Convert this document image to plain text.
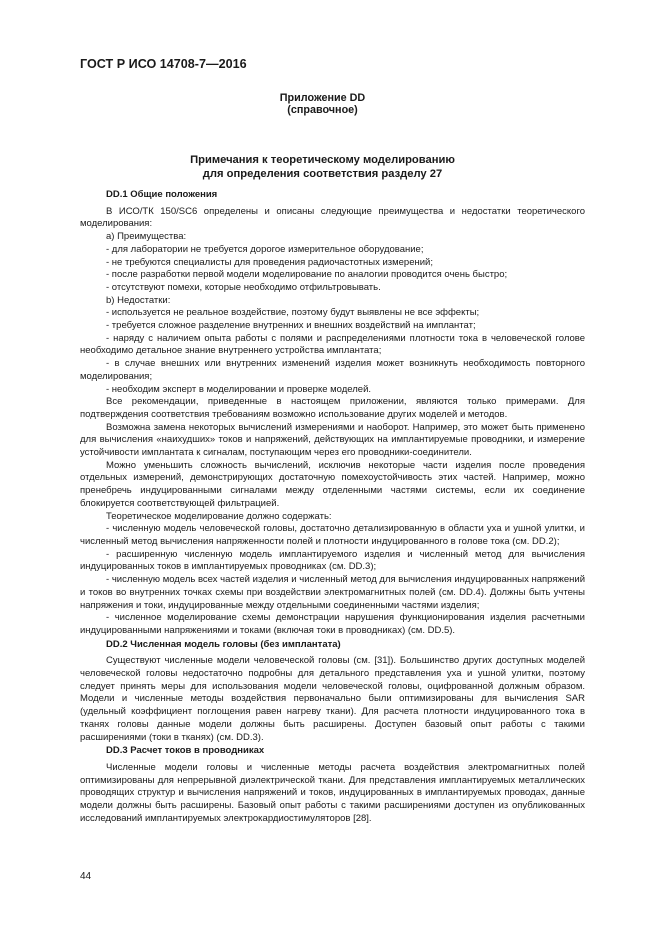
ГОСТ Р ИСО 14708-7—2016
Приложение DD
(справочное)
Примечания к теоретическому моделированию
для определения соответствия разделу 27

DD.1 Общие положения

В ИСО/ТК 150/SC6 определены и описаны следующие преимущества и недостатки теоретического моделирования:

а) Преимущества:

- для лаборатории не требуется дорогое измерительное оборудование;

- не требуются специалисты для проведения радиочастотных измерений;

- после разработки первой модели моделирование по аналогии проводится очень быстро;

- отсутствуют помехи, которые необходимо отфильтровывать.

b) Недостатки:

- используется не реальное воздействие, поэтому будут выявлены не все эффекты;

- требуется сложное разделение внутренних и внешних воздействий на имплантат;

- наряду с наличием опыта работы с полями и распределениями плотности тока в человеческой голове необходимо детальное знание внутреннего устройства имплантата;

- в случае внешних или внутренних изменений изделия может возникнуть необходимость повторного моделирования;

- необходим эксперт в моделировании и проверке моделей.

Все рекомендации, приведенные в настоящем приложении, являются только примерами. Для подтверждения соответствия требованиям возможно использование других моделей и методов.

Возможна замена некоторых вычислений измерениями и наоборот. Например, это может быть применено для вычисления «наихудших» токов и напряжений, действующих на имплантируемые проводники, и измерение устойчивости имплантата к сигналам, поступающим через его проводники-соединители.

Можно уменьшить сложность вычислений, исключив некоторые части изделия после проведения отдельных измерений, демонстрирующих достаточную помехоустойчивость этих частей. Например, можно пренебречь индуцированными сигналами между отделенными частями системы, если их соединение блокируется соответствующей фильтрацией.

Теоретическое моделирование должно содержать:

- численную модель человеческой головы, достаточно детализированную в области уха и ушной улитки, и численный метод вычисления напряженности полей и плотности индуцированного в голове тока (см. DD.2);

- расширенную численную модель имплантируемого изделия и численный метод для вычисления индуцированных токов в имплантируемых проводниках (см. DD.3);

- численную модель всех частей изделия и численный метод для вычисления индуцированных напряжений и токов во внутренних точках схемы при воздействии электромагнитных полей (см. DD.4). Должны быть учтены напряжения и токи, индуцированные между отдельными соединенными частями изделия;

- численное моделирование схемы демонстрации нарушения функционирования изделия расчетными индуцированными напряжениями и токами (включая токи в проводниках) (см. DD.5).

DD.2 Численная модель головы (без имплантата)

Существуют численные модели человеческой головы (см. [31]). Большинство других доступных моделей человеческой головы недостаточно подробны для детального представления уха и ушной улитки, поэтому следует принять меры для использования модели человеческой головы, оцифрованной должным образом. Модели и численные методы воздействия первоначально были оптимизированы для вычисления SAR (удельный коэффициент поглощения равен нагреву ткани). Для расчета плотности индуцированного тока в тканях головы данные модели должны быть расширены. Доступен базовый опыт работы с такими расширениями (токи в тканях) (см. DD.3).

DD.3 Расчет токов в проводниках

Численные модели головы и численные методы расчета воздействия электромагнитных полей оптимизированы для непрерывной диэлектрической ткани. Для представления имплантируемых металлических проводящих структур и вычисления напряжений и токов, индуцированных в имплантируемых проводах, данные модели должны быть расширены. Базовый опыт работы с такими расширениями доступен из опубликованных исследований имплантируемых электрокардиостимуляторов [28].

44
